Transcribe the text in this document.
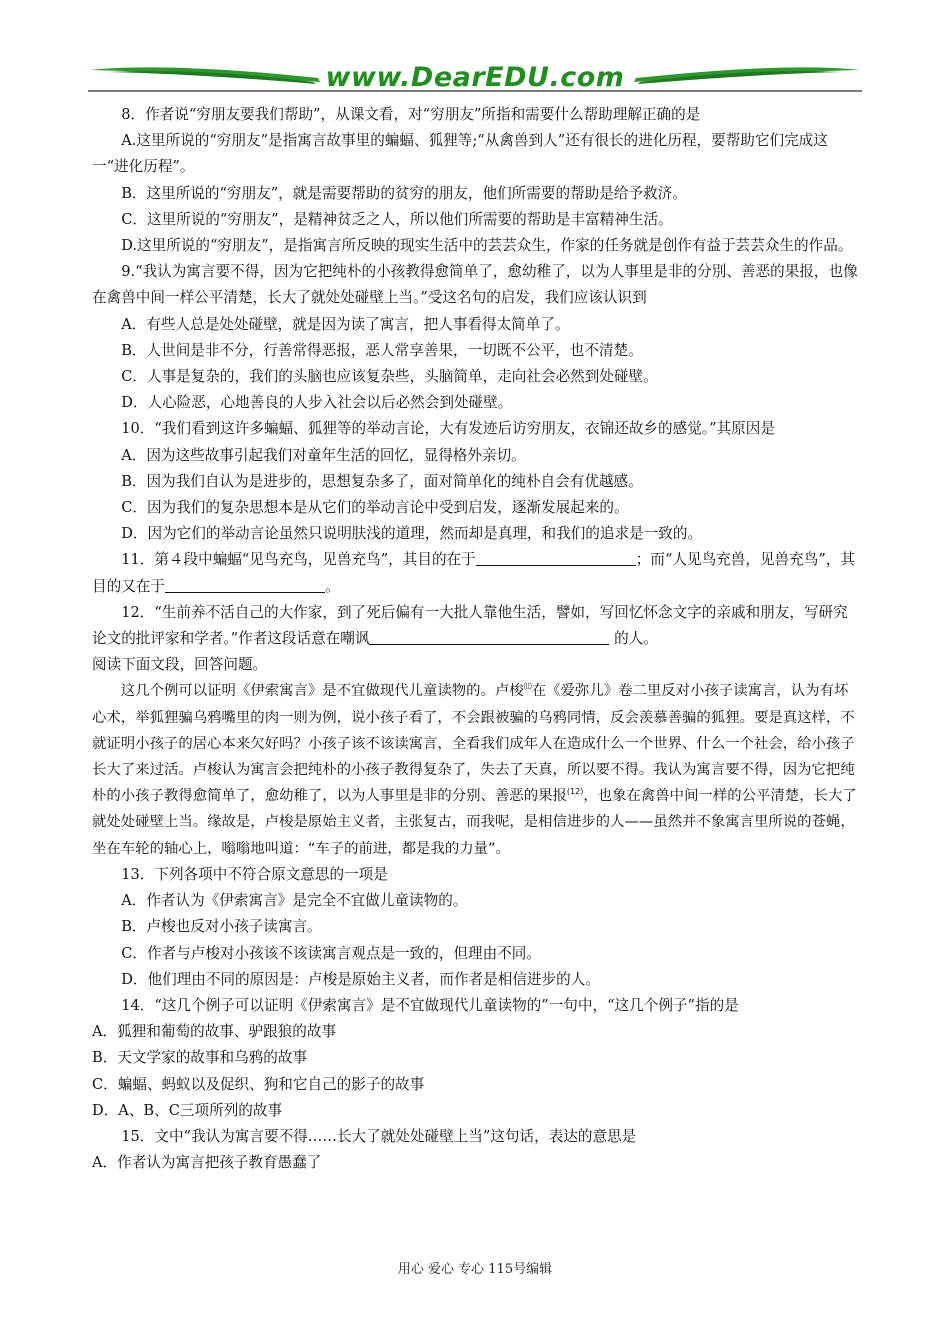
www.DearEDU.com

8．作者说“穷朋友要我们帮助”，从课文看，对“穷朋友”所指和需要什么帮助理解正确的是

A.这里所说的“穷朋友”是指寓言故事里的蝙蝠、狐狸等;“从禽兽到人”还有很长的进化历程，要帮助它们完成这一“进化历程”。

B．这里所说的“穷朋友”，就是需要帮助的贫穷的朋友，他们所需要的帮助是给予救济。

C．这里所说的“穷朋友”，是精神贫乏之人，所以他们所需要的帮助是丰富精神生活。

D.这里所说的“穷朋友”，是指寓言所反映的现实生活中的芸芸众生，作家的任务就是创作有益于芸芸众生的作品。

9.“我认为寓言要不得，因为它把纯朴的小孩教得愈简单了，愈幼稚了，以为人事里是非的分別、善恶的果报，也像在禽兽中间一样公平清楚，长大了就处处碰壁上当。”受这名句的启发，我们应该认识到

A．有些人总是处处碰壁，就是因为读了寓言，把人事看得太简单了。

B．人世间是非不分，行善常得恶报，恶人常享善果，一切既不公平，也不清楚。

C．人事是复杂的，我们的头脑也应该复杂些，头脑简单，走向社会必然到处碰壁。

D．人心险恶，心地善良的人步入社会以后必然会到处碰壁。

10．“我们看到这许多蝙蝠、狐狸等的举动言论，大有发迹后访穷朋友，衣锦还故乡的感觉。”其原因是

A．因为这些故事引起我们对童年生活的回忆，显得格外亲切。

B．因为我们自认为是进步的，思想复杂多了，面对简单化的纯朴自会有优越感。

C．因为我们的复杂思想本是从它们的举动言论中受到启发，逐渐发展起来的。

D．因为它们的举动言论虽然只说明肤浅的道理，然而却是真理，和我们的追求是一致的。

11．第４段中蝙蝠“见鸟充鸟，见兽充鸟”，其目的在于	；而“人见鸟充兽，见兽充鸟”，其目的又在于	。

12．“生前养不活自己的大作家，到了死后偏有一大批人靠他生活，譬如，写回忆怀念文字的亲戚和朋友，写研究论文的批评家和学者。”作者这段话意在嘲讽	的人。

阅读下面文段，回答问题。

这几个例可以证明《伊索寓言》是不宜做现代儿童读物的。卢梭⑾在《爱弥儿》卷二里反对小孩子读寓言，认为有坏心术，举狐狸骗乌鸦嘴里的肉一则为例，说小孩子看了，不会跟被骗的乌鸦同情，反会羡慕善骗的狐狸。要是真这样，不就证明小孩子的居心本来欠好吗？小孩子该不该读寓言，全看我们成年人在造成什么一个世界、什么一个社会，给小孩子长大了来过活。卢梭认为寓言会把纯朴的小孩子教得复杂了，失去了天真，所以要不得。我认为寓言要不得，因为它把纯朴的小孩子教得愈简单了，愈幼稚了，以为人事里是非的分别、善恶的果报$^{(12)}$，也象在禽兽中间一样的公平清楚，长大了就处处碰壁上当。缘故是，卢梭是原始主义者，主张复古，而我呢，是相信进步的人——虽然并不象寓言里所说的苍蝇，坐在车轮的轴心上，嗡嗡地叫道：“车子的前进，都是我的力量”。

13．下列各项中不符合原文意思的一项是

A．作者认为《伊索寓言》是完全不宜做儿童读物的。

B．卢梭也反对小孩子读寓言。

C．作者与卢梭对小孩该不该读寓言观点是一致的，但理由不同。

D．他们理由不同的原因是：卢梭是原始主义者，而作者是相信进步的人。

14．“这几个例子可以证明《伊索寓言》是不宜做现代儿童读物的”一句中，“这几个例子”指的是

A．狐狸和葡萄的故事、驴跟狼的故事

B．天文学家的故事和乌鸦的故事

C．蝙蝠、蚂蚁以及促织、狗和它自己的影子的故事

D．A、B、C三项所列的故事

15．文中“我认为寓言要不得……长大了就处处碰壁上当”这句话，表达的意思是

A．作者认为寓言把孩子教育愚蠢了

用心 爱心 专心 115号编辑
